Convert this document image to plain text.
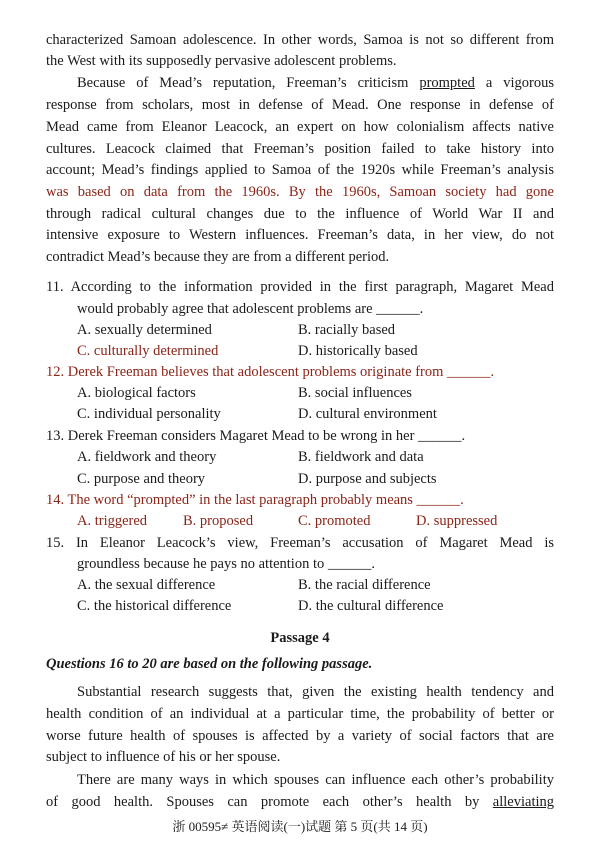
characterized Samoan adolescence. In other words, Samoa is not so different from
the West with its supposedly pervasive adolescent problems.
Because of Mead’s reputation, Freeman’s criticism prompted a vigorous
response from scholars, most in defense of Mead. One response in defense of
Mead came from Eleanor Leacock, an expert on how colonialism affects native
cultures. Leacock claimed that Freeman’s position failed to take history into
account; Mead’s findings applied to Samoa of the 1920s while Freeman’s analysis
was based on data from the 1960s. By the 1960s, Samoan society had gone
through radical cultural changes due to the influence of World War II and
intensive exposure to Western influences. Freeman’s data, in her view, do not
contradict Mead’s because they are from a different period.
11. According to the information provided in the first paragraph, Magaret Mead
would probably agree that adolescent problems are ______.
A. sexually determined	B. racially based
C. culturally determined	D. historically based
12. Derek Freeman believes that adolescent problems originate from ______.
A. biological factors	B. social influences
C. individual personality	D. cultural environment
13. Derek Freeman considers Magaret Mead to be wrong in her ______.
A. fieldwork and theory	B. fieldwork and data
C. purpose and theory	D. purpose and subjects
14. The word “prompted” in the last paragraph probably means ______.
A. triggered B. proposed	C. promoted	D. suppressed
15. In Eleanor Leacock’s view, Freeman’s accusation of Magaret Mead is
groundless because he pays no attention to ______.
A. the sexual difference	B. the racial difference
C. the historical difference	D. the cultural difference
Passage 4
Questions 16 to 20 are based on the following passage.
Substantial research suggests that, given the existing health tendency and
health condition of an individual at a particular time, the probability of better or
worse future health of spouses is affected by a variety of social factors that are
subject to influence of his or her spouse.
There are many ways in which spouses can influence each other’s probability
of good health. Spouses can promote each other’s health by alleviating
浙 00595≠ 英语阅读(一)试题 第 5 页(共 14 页)
